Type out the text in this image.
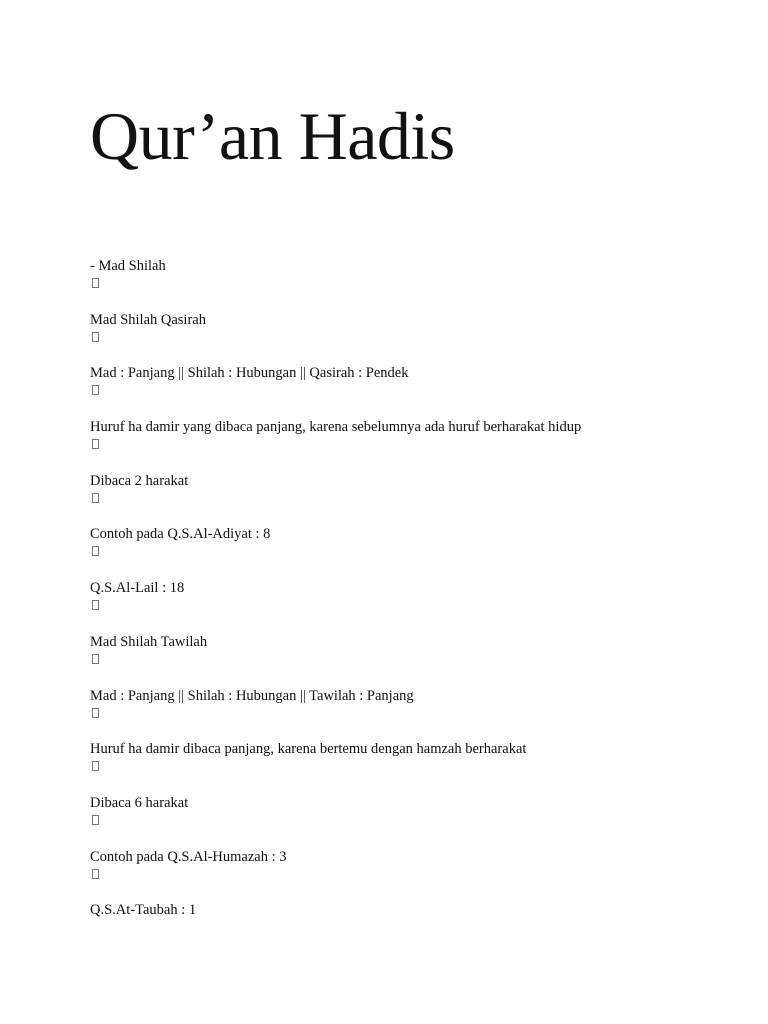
Qur’an Hadis
- Mad Shilah
Mad Shilah Qasirah
Mad : Panjang || Shilah : Hubungan || Qasirah : Pendek
Huruf ha damir yang dibaca panjang, karena sebelumnya ada huruf berharakat hidup
Dibaca 2 harakat
Contoh pada Q.S.Al-Adiyat : 8
Q.S.Al-Lail : 18
Mad Shilah Tawilah
Mad : Panjang || Shilah : Hubungan || Tawilah : Panjang
Huruf ha damir dibaca panjang, karena bertemu dengan hamzah berharakat
Dibaca 6 harakat
Contoh pada Q.S.Al-Humazah : 3
Q.S.At-Taubah : 1
